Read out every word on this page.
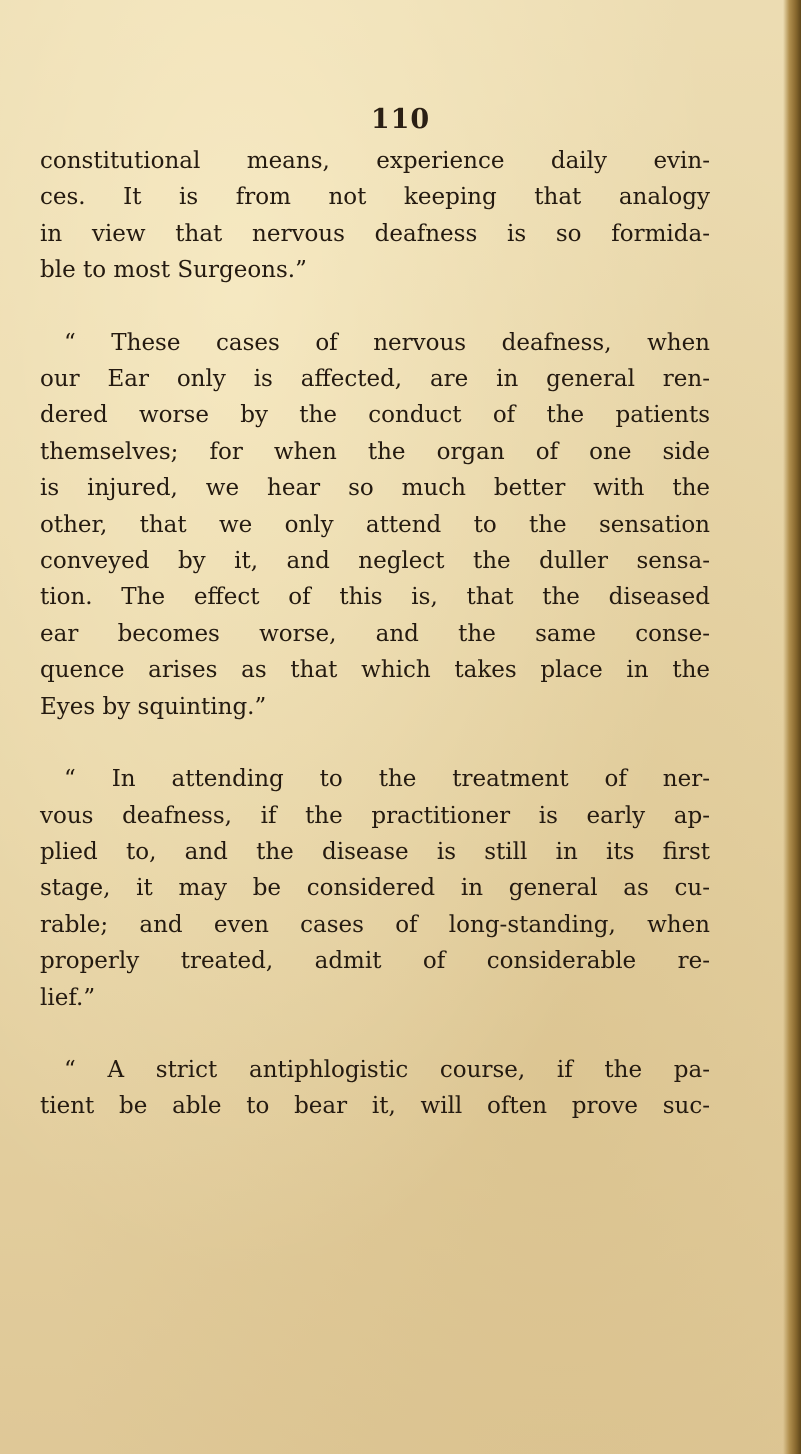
110

constitutional means, experience daily evin-
ces. It is from not keeping that analogy
in view that nervous deafness is so formida-
ble to most Surgeons.”

“ These cases of nervous deafness, when
our Ear only is affected, are in general ren-
dered worse by the conduct of the patients
themselves; for when the organ of one side
is injured, we hear so much better with the
other, that we only attend to the sensation
conveyed by it, and neglect the duller sensa-
tion. The effect of this is, that the diseased
ear becomes worse, and the same conse-
quence arises as that which takes place in the
Eyes by squinting.”

“ In attending to the treatment of ner-
vous deafness, if the practitioner is early ap-
plied to, and the disease is still in its first
stage, it may be considered in general as cu-
rable; and even cases of long-standing, when
properly treated, admit of considerable re-
lief.”

“ A strict antiphlogistic course, if the pa-
tient be able to bear it, will often prove suc-
